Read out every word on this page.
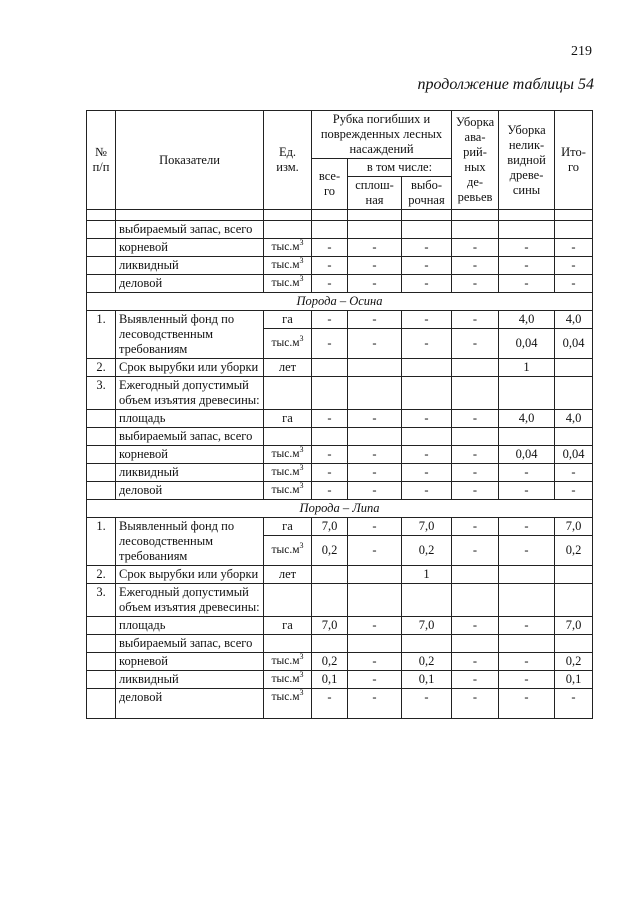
219
продолжение таблицы 54
№ п/п	Показатели	Ед. изм.	Рубка погибших и поврежденных лесных насаждений			Уборка ава-рий-ных де-ревьев	Уборка нелик-видной древе-сины	Ито-го
			все-го	в том числе:				
				сплош-ная	выбо-рочная			

	выбираемый запас, всего							
	корневой	$тыс.м^3$	-	-	-	-	-	-
	ликвидный	$тыс.м^3$	-	-	-	-	-	-
	деловой	$тыс.м^3$	-	-	-	-	-	-
Порода – Осина								
1.	Выявленный фонд по лесоводственным требованиям	га	-	-	-	-	4,0	4,0
		$тыс.м^3$	-	-	-	-	0,04	0,04
2.	Срок вырубки или уборки	лет					1	
3.	Ежегодный допустимый объем изъятия древесины:							
	площадь	га	-	-	-	-	4,0	4,0
	выбираемый запас, всего							
	корневой	$тыс.м^3$	-	-	-	-	0,04	0,04
	ликвидный	$тыс.м^3$	-	-	-	-	-	-
	деловой	$тыс.м^3$	-	-	-	-	-	-
Порода – Липа								
1.	Выявленный фонд по лесоводственным требованиям	га	7,0	-	7,0	-	-	7,0
		$тыс.м^3$	0,2	-	0,2	-	-	0,2
2.	Срок вырубки или уборки	лет			1			
3.	Ежегодный допустимый объем изъятия древесины:							
	площадь	га	7,0	-	7,0	-	-	7,0
	выбираемый запас, всего							
	корневой	$тыс.м^3$	0,2	-	0,2	-	-	0,2
	ликвидный	$тыс.м^3$	0,1	-	0,1	-	-	0,1
	деловой	$тыс.м^3$	-	-	-	-	-	-
